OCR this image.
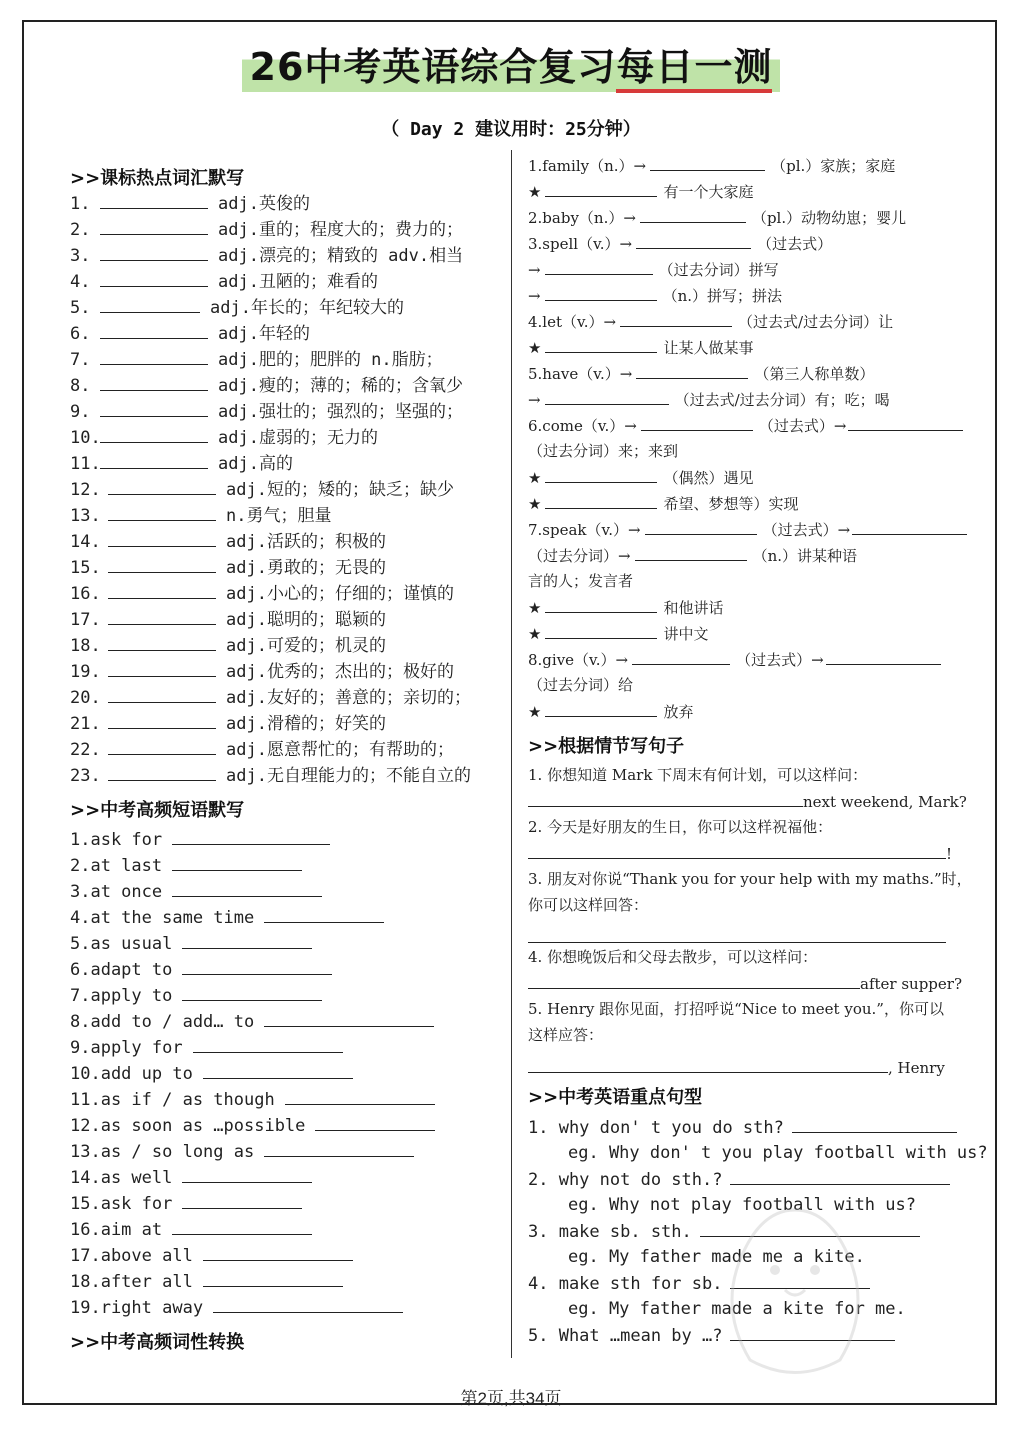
26中考英语综合复习每日一测
（ Day 2 建议用时：25分钟）
>>课标热点词汇默写
1.	adj.英俊的
2.	adj.重的；程度大的；费力的；
3.	adj.漂亮的；精致的 adv.相当
4.	adj.丑陋的；难看的
5.	adj.年长的；年纪较大的
6.	adj.年轻的
7.	adj.肥的；肥胖的 n.脂肪；
8.	adj.瘦的；薄的；稀的；含氧少
9.	adj.强壮的；强烈的；坚强的；
10.	adj.虚弱的；无力的
11.	adj.高的
12.	adj.短的；矮的；缺乏；缺少
13.	n.勇气；胆量
14.	adj.活跃的；积极的
15.	adj.勇敢的；无畏的
16.	adj.小心的；仔细的；谨慎的
17.	adj.聪明的；聪颖的
18.	adj.可爱的；机灵的
19.	adj.优秀的；杰出的；极好的
20.	adj.友好的；善意的；亲切的；
21.	adj.滑稽的；好笑的
22.	adj.愿意帮忙的；有帮助的；
23.	adj.无自理能力的；不能自立的
>>中考高频短语默写
1.ask for
2.at last
3.at once
4.at the same time
5.as usual
6.adapt to
7.apply to
8.add to / add… to
9.apply for
10.add up to
11.as if / as though
12.as soon as …possible
13.as / so long as
14.as well
15.ask for
16.aim at
17.above all
18.after all
19.right away
>>中考高频词性转换
1.family（n.）→	（pl.）家族；家庭
★	有一个大家庭
2.baby（n.）→	（pl.）动物幼崽；婴儿
3.spell（v.）→	（过去式）
→	（过去分词）拼写
→	（n.）拼写；拼法
4.let（v.）→	（过去式/过去分词）让
★	让某人做某事
5.have（v.）→	（第三人称单数）
→	（过去式/过去分词）有；吃；喝
6.come（v.）→	（过去式）→
（过去分词）来；来到
★	（偶然）遇见
★	希望、梦想等）实现
7.speak（v.）→	（过去式）→
（过去分词）→	（n.）讲某种语
言的人；发言者
★	和他讲话
★	讲中文
8.give（v.）→	（过去式）→
（过去分词）给
★	放弃
>>根据情节写句子
1. 你想知道 Mark 下周末有何计划，可以这样问：
next weekend, Mark?
2. 今天是好朋友的生日，你可以这样祝福他：
!
3. 朋友对你说“Thank you for your help with my maths.”时，
你可以这样回答：
4. 你想晚饭后和父母去散步，可以这样问：
after supper?
5. Henry 跟你见面，打招呼说“Nice to meet you.”，你可以
这样应答：
, Henry
>>中考英语重点句型
1. why don' t you do sth?
eg. Why don' t you play football with us?
2. why not do sth.?
eg. Why not play football with us?
3. make sb. sth.
eg. My father made me a kite.
4. make sth for sb.
eg. My father made a kite for me.
5. What …mean by …?
第2页,共34页
